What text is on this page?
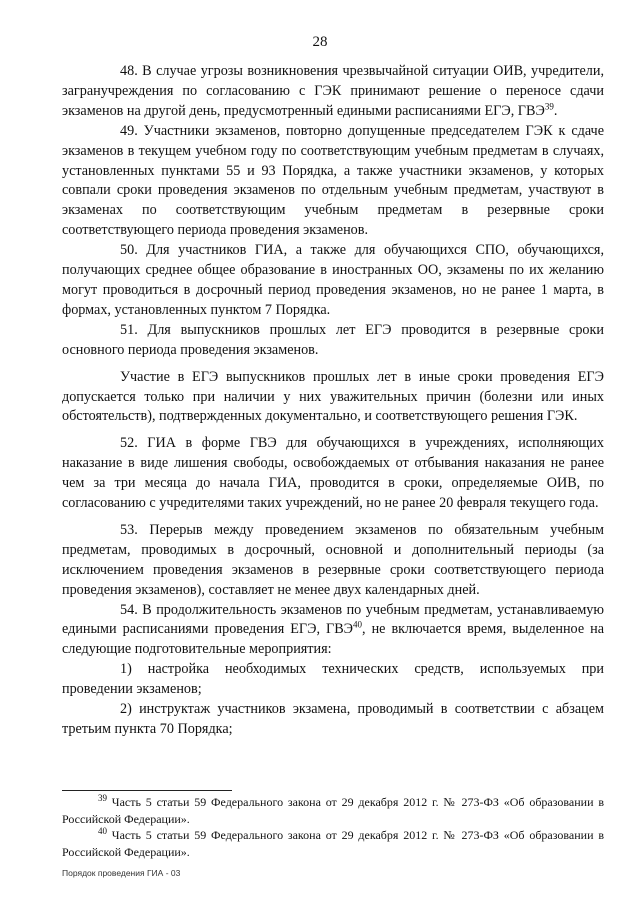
28

48. В случае угрозы возникновения чрезвычайной ситуации ОИВ, учредители, загранучреждения по согласованию с ГЭК принимают решение о переносе сдачи экзаменов на другой день, предусмотренный едиными расписаниями ЕГЭ, ГВЭ$^{39}$.

49. Участники экзаменов, повторно допущенные председателем ГЭК к сдаче экзаменов в текущем учебном году по соответствующим учебным предметам в случаях, установленных пунктами 55 и 93 Порядка, а также участники экзаменов, у которых совпали сроки проведения экзаменов по отдельным учебным предметам, участвуют в экзаменах по соответствующим учебным предметам в резервные сроки соответствующего периода проведения экзаменов.

50. Для участников ГИА, а также для обучающихся СПО, обучающихся, получающих среднее общее образование в иностранных ОО, экзамены по их желанию могут проводиться в досрочный период проведения экзаменов, но не ранее 1 марта, в формах, установленных пунктом 7 Порядка.

51. Для выпускников прошлых лет ЕГЭ проводится в резервные сроки основного периода проведения экзаменов.

Участие в ЕГЭ выпускников прошлых лет в иные сроки проведения ЕГЭ допускается только при наличии у них уважительных причин (болезни или иных обстоятельств), подтвержденных документально, и соответствующего решения ГЭК.

52. ГИА в форме ГВЭ для обучающихся в учреждениях, исполняющих наказание в виде лишения свободы, освобождаемых от отбывания наказания не ранее чем за три месяца до начала ГИА, проводится в сроки, определяемые ОИВ, по согласованию с учредителями таких учреждений, но не ранее 20 февраля текущего года.

53. Перерыв между проведением экзаменов по обязательным учебным предметам, проводимых в досрочный, основной и дополнительный периоды (за исключением проведения экзаменов в резервные сроки соответствующего периода проведения экзаменов), составляет не менее двух календарных дней.

54. В продолжительность экзаменов по учебным предметам, устанавливаемую едиными расписаниями проведения ЕГЭ, ГВЭ$^{40}$, не включается время, выделенное на следующие подготовительные мероприятия:

1) настройка необходимых технических средств, используемых при проведении экзаменов;

2) инструктаж участников экзамена, проводимый в соответствии с абзацем третьим пункта 70 Порядка;

$^{39}$ Часть 5 статьи 59 Федерального закона от 29 декабря 2012 г. № 273-ФЗ «Об образовании в Российской Федерации».

$^{40}$ Часть 5 статьи 59 Федерального закона от 29 декабря 2012 г. № 273-ФЗ «Об образовании в Российской Федерации».

Порядок проведения ГИА - 03
